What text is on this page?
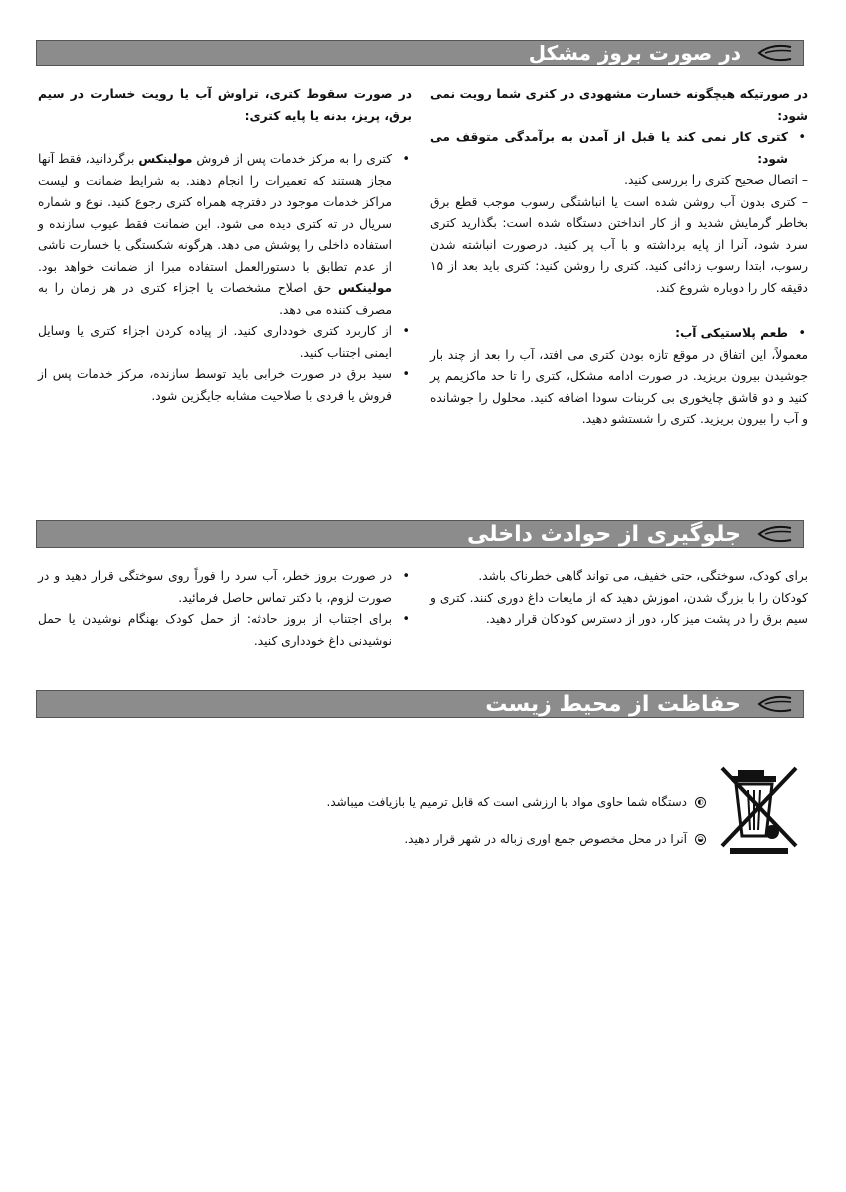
در صورت بروز مشکل

در صورتیکه هیچگونه خسارت مشهودی در کتری شما رویت نمی شود:

• کتری کار نمی کند یا قبل از آمدن به برآمدگی متوقف می شود:

– اتصال صحیح کتری را بررسی کنید.

– کتری بدون آب روشن شده است یا انباشتگی رسوب موجب قطع برق بخاطر گرمایش شدید و از کار انداختن دستگاه شده است: بگذارید کتری سرد شود، آنرا از پایه برداشته و با آب پر کنید. درصورت انباشته شدن رسوب، ابتدا رسوب زدائی کنید. کتری را روشن کنید: کتری باید بعد از ۱۵ دقیقه کار را دوباره شروع کند.

• طعم پلاستیکی آب:

معمولاً، این اتفاق در موقع تازه بودن کتری می افتد، آب را بعد از چند بار جوشیدن بیرون بریزید. در صورت ادامه مشکل، کتری را تا حد ماکزیمم پر کنید و دو قاشق چایخوری بی کربنات سودا اضافه کنید. محلول را جوشانده و آب را بیرون بریزید. کتری را شستشو دهید.

در صورت سقوط کتری، تراوش آب یا رویت خسارت در سیم برق، پریز، بدنه یا پایه کتری:

• کتری را به مرکز خدمات پس از فروش مولینکس برگردانید، فقط آنها مجاز هستند که تعمیرات را انجام دهند. به شرایط ضمانت و لیست مراکز خدمات موجود در دفترچه همراه کتری رجوع کنید. نوع و شماره سریال در ته کتری دیده می شود. این ضمانت فقط عیوب سازنده و استفاده داخلی را پوشش می دهد. هرگونه شکستگی یا خسارت ناشی از عدم تطابق با دستورالعمل استفاده مبرا از ضمانت خواهد بود. مولینکس حق اصلاح مشخصات یا اجزاء کتری در هر زمان را به مصرف کننده می دهد.
• از کاربرد کتری خودداری کنید. از پیاده کردن اجزاء کتری یا وسایل ایمنی اجتناب کنید.
• سید برق در صورت خرابی باید توسط سازنده، مرکز خدمات پس از فروش یا فردی با صلاحیت مشابه جایگزین شود.
جلوگیری از حوادث داخلی

برای کودک، سوختگی، حتی خفیف، می تواند گاهی خطرناک باشد.

کودکان را با بزرگ شدن، اموزش دهید که از مایعات داغ دوری کنند. کتری و سیم برق را در پشت میز کار، دور از دسترس کودکان قرار دهید.

• در صورت بروز خطر، آب سرد را فوراً روی سوختگی قرار دهید و در صورت لزوم، با دکتر تماس حاصل فرمائید.
• برای اجتناب از بروز حادثه: از حمل کودک بهنگام نوشیدن یا حمل نوشیدنی داغ خودداری کنید.
حفاظت از محیط زیست
◐
دستگاه شما حاوی مواد با ارزشی است که قابل ترمیم یا بازیافت میباشد.
◒
آنرا در محل مخصوص جمع اوری زباله در شهر قرار دهید.
